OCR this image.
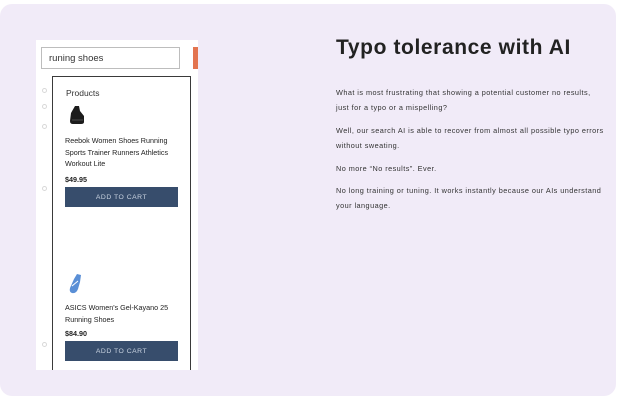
runing shoes
Products
Reebok Women Shoes Running Sports Trainer Runners Athletics Workout Lite
$49.95
ADD TO CART
ASICS Women's Gel-Kayano 25 Running Shoes
$84.90
ADD TO CART
Typo tolerance with AI

What is most frustrating that showing a potential customer no results, just for a typo or a mispelling?

Well, our search AI is able to recover from almost all possible typo errors without sweating.

No more “No results”. Ever.

No long training or tuning. It works instantly because our AIs understand your language.
